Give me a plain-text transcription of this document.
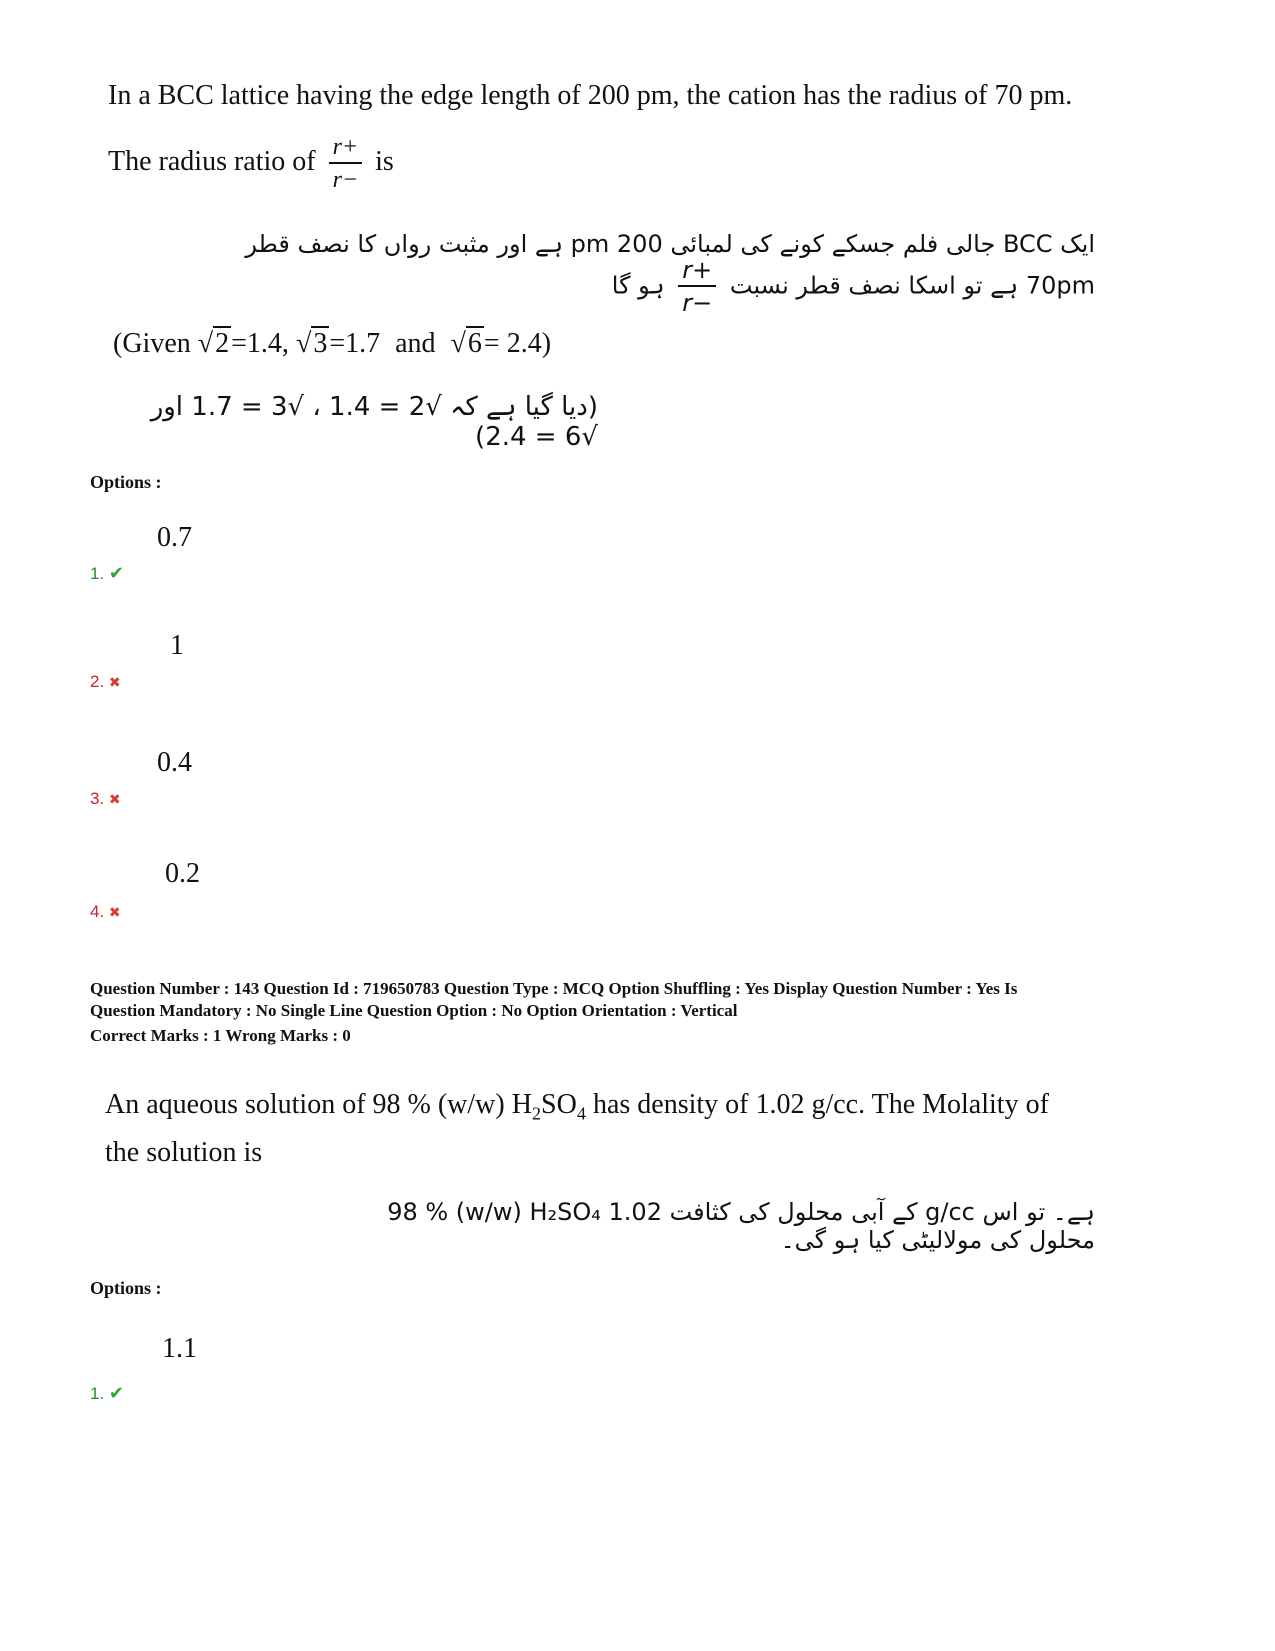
In a BCC lattice having the edge length of 200 pm, the cation has the radius of 70 pm.
The radius ratio of $\frac{r+}{r-}$ is
ایک BCC جالی فلم جسکے کونے کی لمبائی 200 pm ہے اور مثبت رواں کا نصف قطر 70pm ہے تو اسکا نصف قطر نسبت
$\frac{r+}{r-}$
ہو گا
(Given √2=1.4, √3=1.7 and √6= 2.4)
(دیا گیا ہے کہ √2 = 1.4 ، √3 = 1.7 اور √6 = 2.4)
Options :
0.7
1. ✔
1
2. ✖
0.4
3. ✖
0.2
4. ✖
Question Number : 143 Question Id : 719650783 Question Type : MCQ Option Shuffling : Yes Display Question Number : Yes Is
Question Mandatory : No Single Line Question Option : No Option Orientation : Vertical
Correct Marks : 1 Wrong Marks : 0
An aqueous solution of 98 % (w/w) $H_2SO_4$ has density of 1.02 g/cc. The Molality of
the solution is
98 % (w/w) H₂SO₄ کے آبی محلول کی کثافت 1.02 g/cc ہے۔ تو اس محلول کی مولالیٹی کیا ہو گی۔
Options :
1.1
1. ✔
